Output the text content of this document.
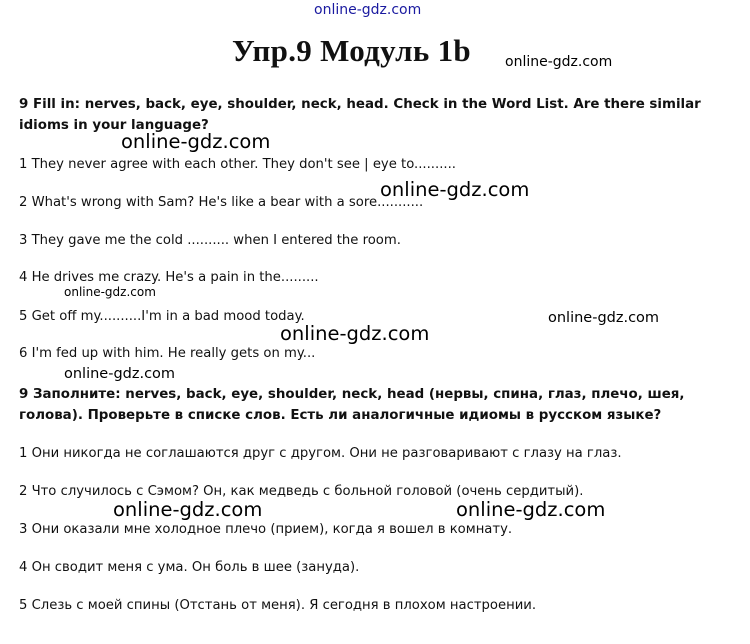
online-gdz.com
Упр.9 Модуль 1b online-gdz.com
9 Fill in: nerves, back, eye, shoulder, neck, head. Check in the Word List. Are there similar idioms in your language?
online-gdz.com
1 They never agree with each other. They don't see | eye to..........
online-gdz.com
2 What's wrong with Sam? He's like a bear with a sore...........
3 They gave me the cold .......... when I entered the room.
4 He drives me crazy. He's a pain in the.........
online-gdz.com
5 Get off my..........I'm in a bad mood today.	online-gdz.com
online-gdz.com
6 I'm fed up with him. He really gets on my...
online-gdz.com
9 Заполните: nerves, back, eye, shoulder, neck, head (нервы, спина, глаз, плечо, шея, голова). Проверьте в списке слов. Есть ли аналогичные идиомы в русском языке?
1 Они никогда не соглашаются друг с другом. Они не разговаривают с глазу на глаз.
2 Что случилось с Сэмом? Он, как медведь с больной головой (очень сердитый).
online-gdz.com	online-gdz.com
3 Они оказали мне холодное плечо (прием), когда я вошел в комнату.
4 Он сводит меня с ума. Он боль в шее (зануда).
5 Слезь с моей спины (Отстань от меня). Я сегодня в плохом настроении.
